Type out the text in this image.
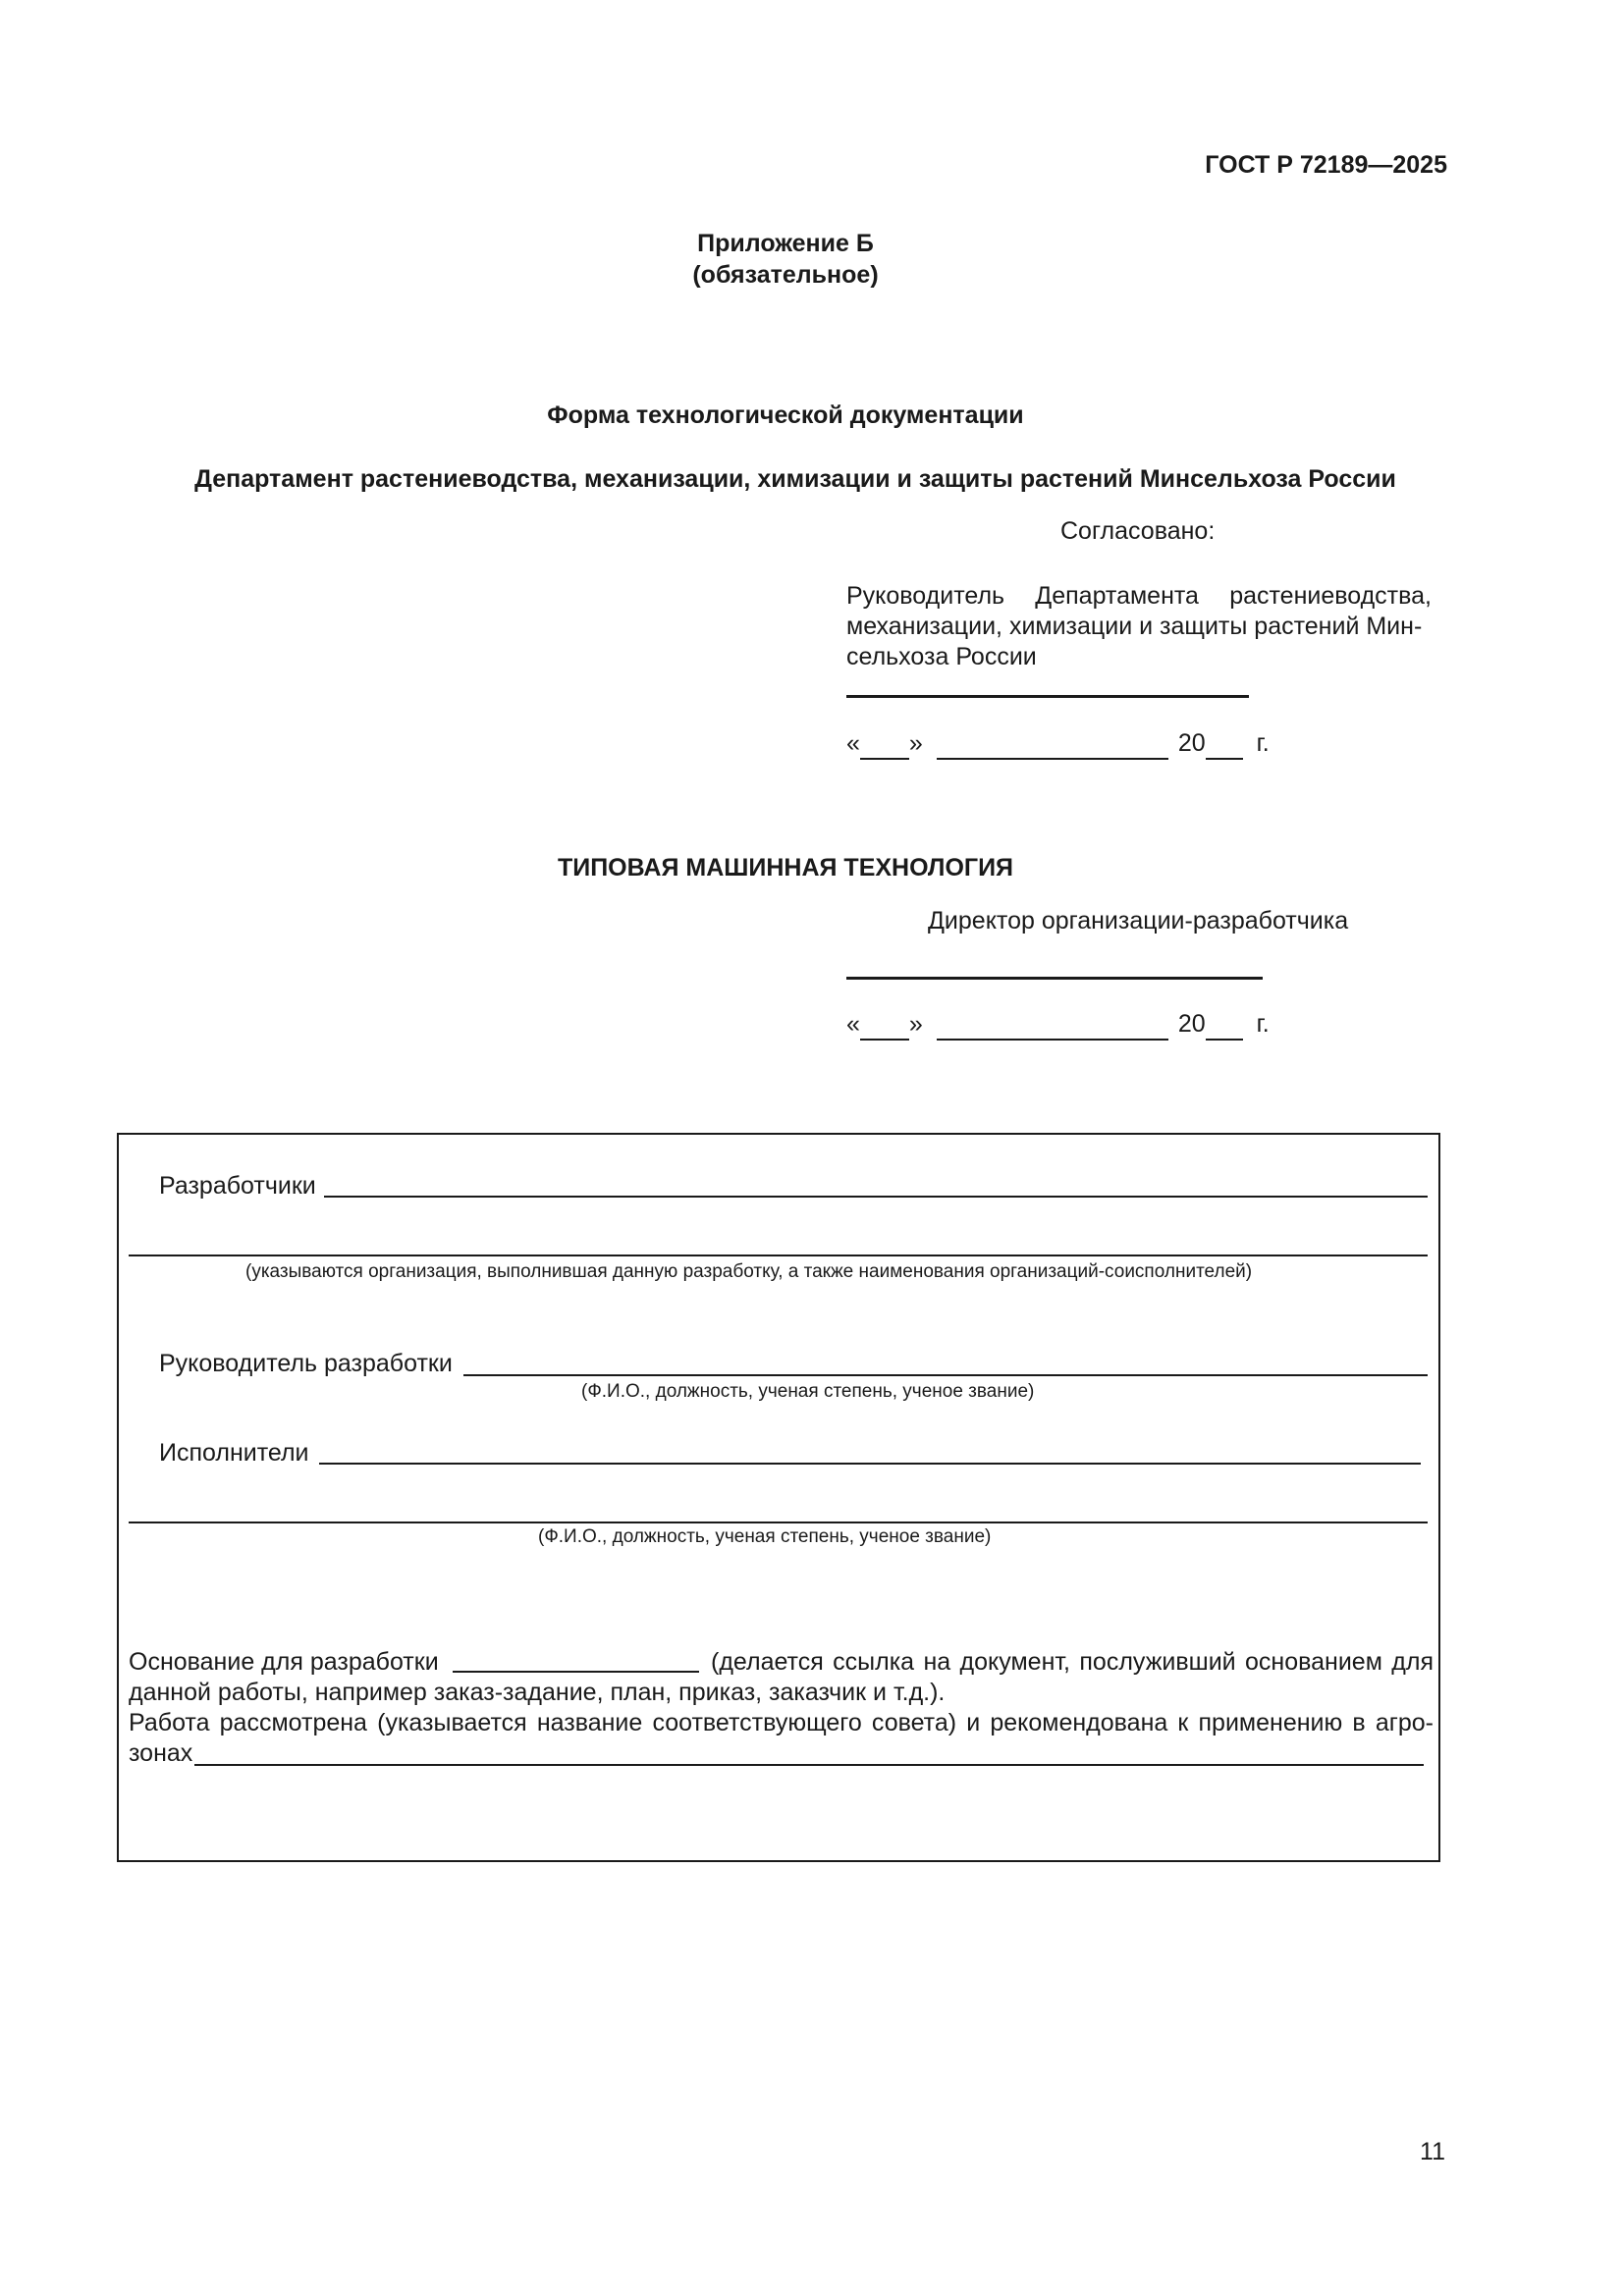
ГОСТ Р 72189—2025
Приложение Б
(обязательное)
Форма технологической документации
Департамент растениеводства, механизации, химизации и защиты растений Минсельхоза России
Согласовано:
Руководитель Департамента растениеводства,
механизации, химизации и защиты растений Мин-
сельхоза России
« »	20 г.
ТИПОВАЯ МАШИННАЯ ТЕХНОЛОГИЯ
Директор организации-разработчика
« »	20 г.
Разработчики
(указываются организация, выполнившая данную разработку, а также наименования организаций-соисполнителей)
Руководитель разработки
(Ф.И.О., должность, ученая степень, ученое звание)
Исполнители
(Ф.И.О., должность, ученая степень, ученое звание)
Основание для разработки	(делается ссылка на документ, послуживший основанием для
данной работы, например заказ-задание, план, приказ, заказчик и т.д.).
Работа рассмотрена (указывается название соответствующего совета) и рекомендована к применению в агро-
зонах
11
